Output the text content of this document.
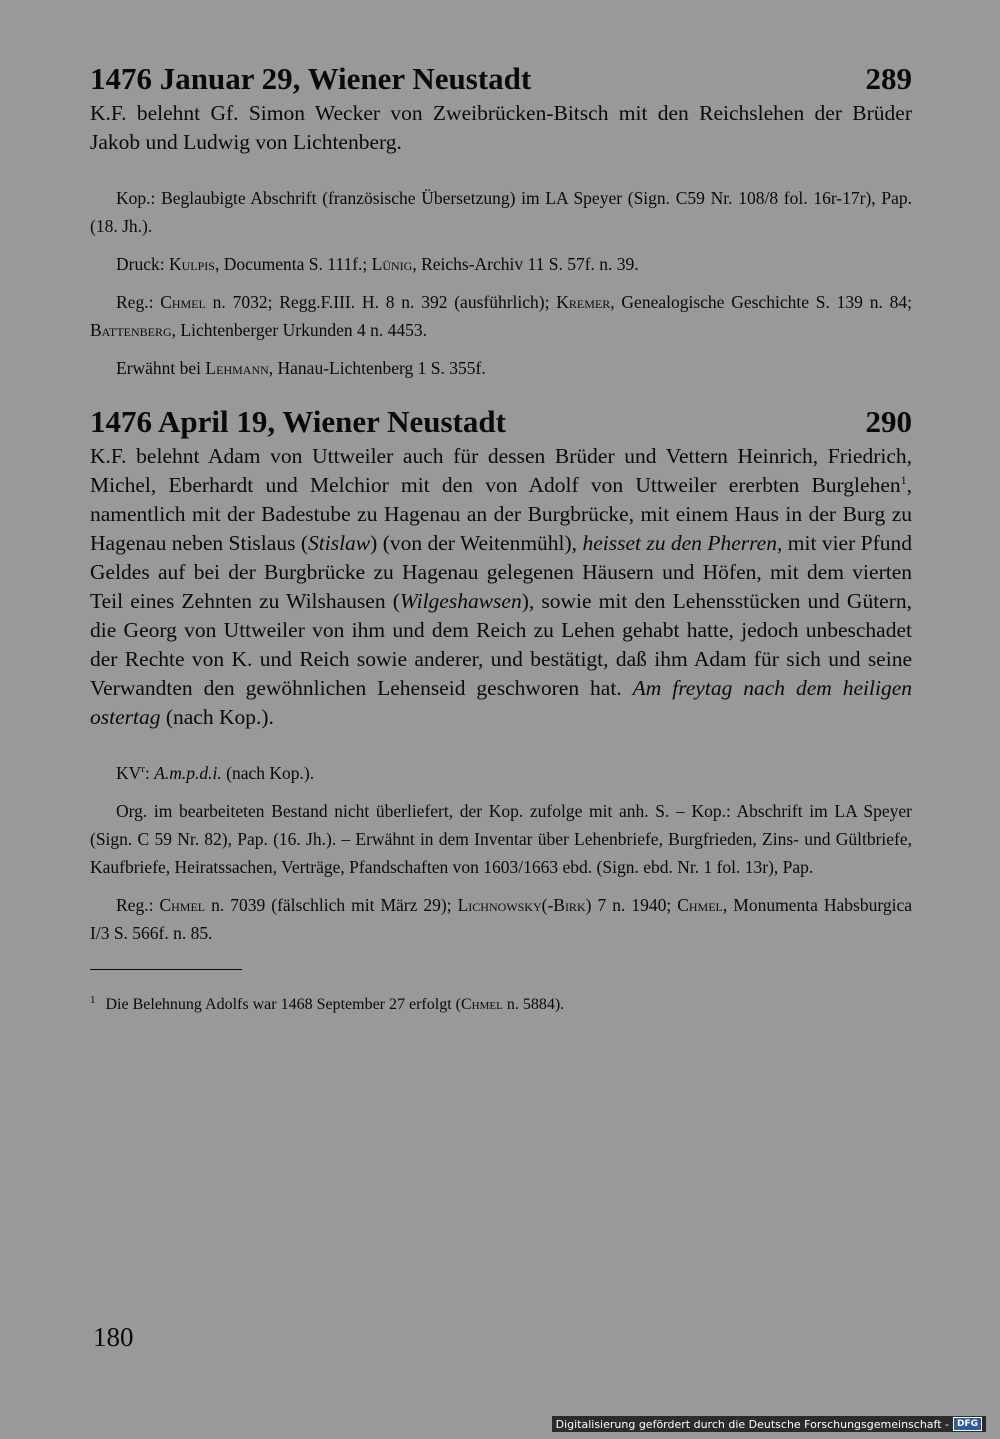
1476 Januar 29, Wiener Neustadt	289

K.F. belehnt Gf. Simon Wecker von Zweibrücken-Bitsch mit den Reichslehen der Brüder Jakob und Ludwig von Lichtenberg.

Kop.: Beglaubigte Abschrift (französische Übersetzung) im LA Speyer (Sign. C59 Nr. 108/8 fol. 16r-17r), Pap. (18. Jh.).

Druck: Kulpis, Documenta S. 111f.; Lünig, Reichs-Archiv 11 S. 57f. n. 39.

Reg.: Chmel n. 7032; Regg.F.III. H. 8 n. 392 (ausführlich); Kremer, Genealogische Geschichte S. 139 n. 84; Battenberg, Lichtenberger Urkunden 4 n. 4453.

Erwähnt bei Lehmann, Hanau-Lichtenberg 1 S. 355f.

1476 April 19, Wiener Neustadt	290

K.F. belehnt Adam von Uttweiler auch für dessen Brüder und Vettern Heinrich, Friedrich, Michel, Eberhardt und Melchior mit den von Adolf von Uttweiler ererbten Burglehen$^1$, namentlich mit der Badestube zu Hagenau an der Burgbrücke, mit einem Haus in der Burg zu Hagenau neben Stislaus (Stislaw) (von der Weitenmühl), heisset zu den Pherren, mit vier Pfund Geldes auf bei der Burgbrücke zu Hagenau gelegenen Häusern und Höfen, mit dem vierten Teil eines Zehnten zu Wilshausen (Wilgeshawsen), sowie mit den Lehensstücken und Gütern, die Georg von Uttweiler von ihm und dem Reich zu Lehen gehabt hatte, jedoch unbeschadet der Rechte von K. und Reich sowie anderer, und bestätigt, daß ihm Adam für sich und seine Verwandten den gewöhnlichen Lehenseid geschworen hat. Am freytag nach dem heiligen ostertag (nach Kop.).

KV$^r$: A.m.p.d.i. (nach Kop.).

Org. im bearbeiteten Bestand nicht überliefert, der Kop. zufolge mit anh. S. – Kop.: Abschrift im LA Speyer (Sign. C 59 Nr. 82), Pap. (16. Jh.). – Erwähnt in dem Inventar über Lehenbriefe, Burgfrieden, Zins- und Gültbriefe, Kaufbriefe, Heiratssachen, Verträge, Pfandschaften von 1603/1663 ebd. (Sign. ebd. Nr. 1 fol. 13r), Pap.

Reg.: Chmel n. 7039 (fälschlich mit März 29); Lichnowsky(-Birk) 7 n. 1940; Chmel, Monumenta Habsburgica I/3 S. 566f. n. 85.

$^1$ Die Belehnung Adolfs war 1468 September 27 erfolgt (Chmel n. 5884).

180
Digitalisierung gefördert durch die Deutsche Forschungsgemeinschaft - DFG
